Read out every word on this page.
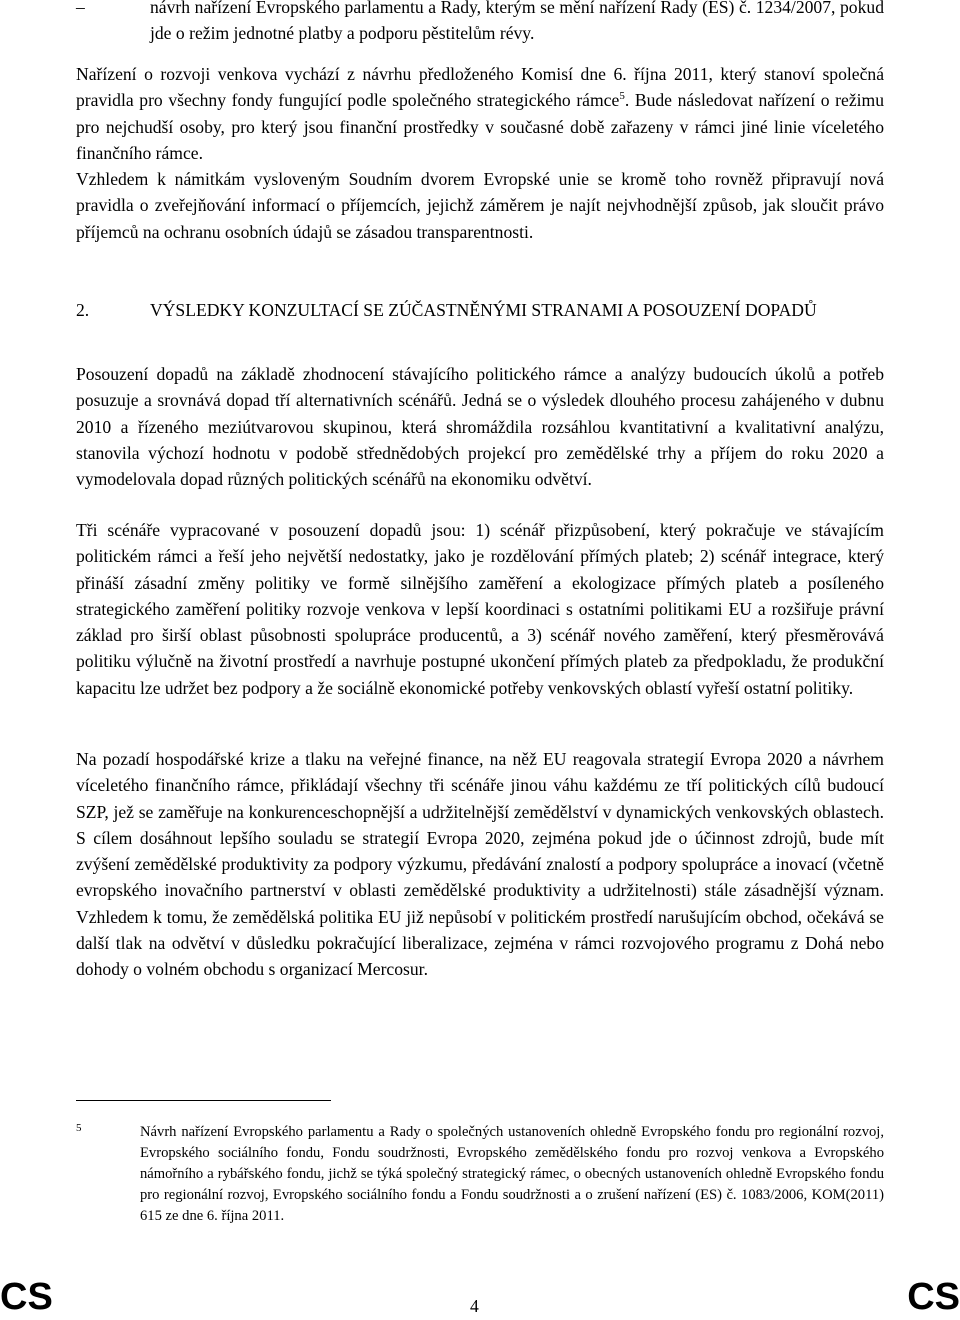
–	návrh nařízení Evropského parlamentu a Rady, kterým se mění nařízení Rady (ES) č. 1234/2007, pokud jde o režim jednotné platby a podporu pěstitelům révy.

Nařízení o rozvoji venkova vychází z návrhu předloženého Komisí dne 6. října 2011, který stanoví společná pravidla pro všechny fondy fungující podle společného strategického rámce$^5$. Bude následovat nařízení o režimu pro nejchudší osoby, pro který jsou finanční prostředky v současné době zařazeny v rámci jiné linie víceletého finančního rámce.

Vzhledem k námitkám vysloveným Soudním dvorem Evropské unie se kromě toho rovněž připravují nová pravidla o zveřejňování informací o příjemcích, jejichž záměrem je najít nejvhodnější způsob, jak sloučit právo příjemců na ochranu osobních údajů se zásadou transparentnosti.

2.	VÝSLEDKY KONZULTACÍ SE ZÚČASTNĚNÝMI STRANAMI A POSOUZENÍ DOPADŮ

Posouzení dopadů na základě zhodnocení stávajícího politického rámce a analýzy budoucích úkolů a potřeb posuzuje a srovnává dopad tří alternativních scénářů. Jedná se o výsledek dlouhého procesu zahájeného v dubnu 2010 a řízeného meziútvarovou skupinou, která shromáždila rozsáhlou kvantitativní a kvalitativní analýzu, stanovila výchozí hodnotu v podobě střednědobých projekcí pro zemědělské trhy a příjem do roku 2020 a vymodelovala dopad různých politických scénářů na ekonomiku odvětví.

Tři scénáře vypracované v posouzení dopadů jsou: 1) scénář přizpůsobení, který pokračuje ve stávajícím politickém rámci a řeší jeho největší nedostatky, jako je rozdělování přímých plateb; 2) scénář integrace, který přináší zásadní změny politiky ve formě silnějšího zaměření a ekologizace přímých plateb a posíleného strategického zaměření politiky rozvoje venkova v lepší koordinaci s ostatními politikami EU a rozšiřuje právní základ pro širší oblast působnosti spolupráce producentů, a 3) scénář nového zaměření, který přesměrovává politiku výlučně na životní prostředí a navrhuje postupné ukončení přímých plateb za předpokladu, že produkční kapacitu lze udržet bez podpory a že sociálně ekonomické potřeby venkovských oblastí vyřeší ostatní politiky.

Na pozadí hospodářské krize a tlaku na veřejné finance, na něž EU reagovala strategií Evropa 2020 a návrhem víceletého finančního rámce, přikládají všechny tři scénáře jinou váhu každému ze tří politických cílů budoucí SZP, jež se zaměřuje na konkurenceschopnější a udržitelnější zemědělství v dynamických venkovských oblastech. S cílem dosáhnout lepšího souladu se strategií Evropa 2020, zejména pokud jde o účinnost zdrojů, bude mít zvýšení zemědělské produktivity za podpory výzkumu, předávání znalostí a podpory spolupráce a inovací (včetně evropského inovačního partnerství v oblasti zemědělské produktivity a udržitelnosti) stále zásadnější význam. Vzhledem k tomu, že zemědělská politika EU již nepůsobí v politickém prostředí narušujícím obchod, očekává se další tlak na odvětví v důsledku pokračující liberalizace, zejména v rámci rozvojového programu z Dohá nebo dohody o volném obchodu s organizací Mercosur.

5	Návrh nařízení Evropského parlamentu a Rady o společných ustanoveních ohledně Evropského fondu pro regionální rozvoj, Evropského sociálního fondu, Fondu soudržnosti, Evropského zemědělského fondu pro rozvoj venkova a Evropského námořního a rybářského fondu, jichž se týká společný strategický rámec, o obecných ustanoveních ohledně Evropského fondu pro regionální rozvoj, Evropského sociálního fondu a Fondu soudržnosti a o zrušení nařízení (ES) č. 1083/2006, KOM(2011) 615 ze dne 6. října 2011.
CS	4	CS
